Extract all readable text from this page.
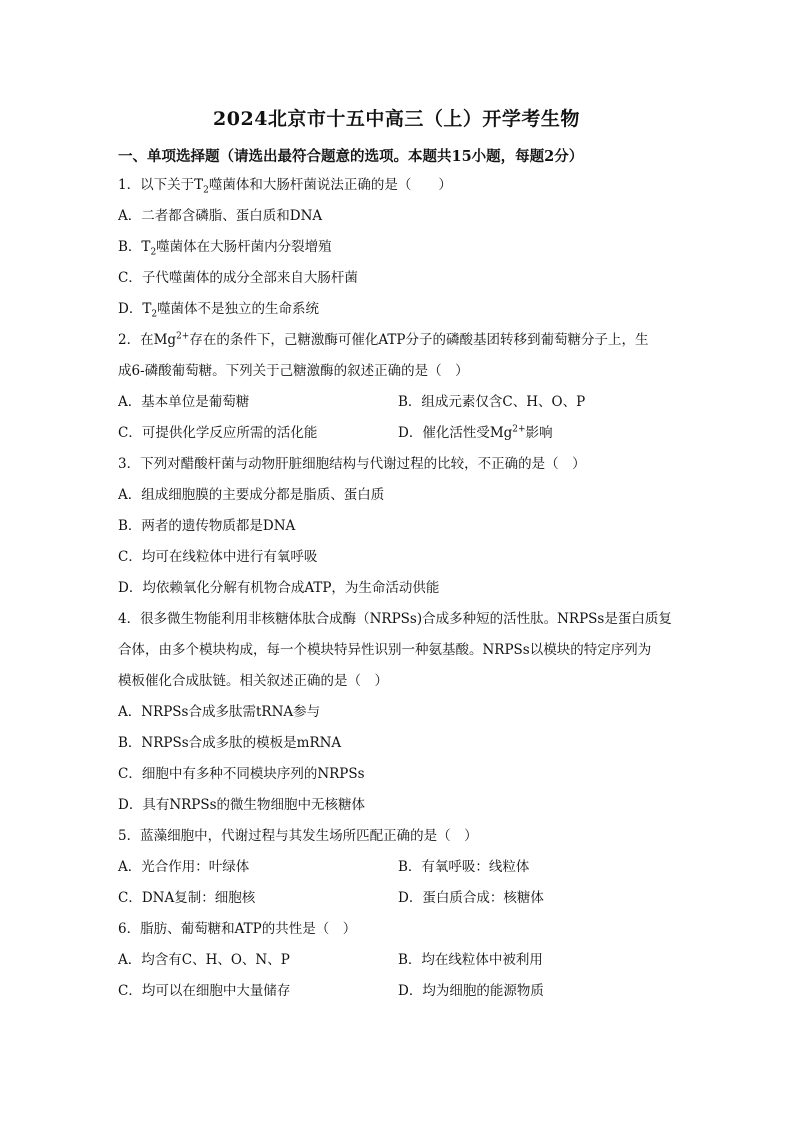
2024北京市十五中高三（上）开学考生物
一、单项选择题（请选出最符合题意的选项。本题共15小题，每题2分）
1．以下关于$T_2$噬菌体和大肠杆菌说法正确的是（　　）
A．二者都含磷脂、蛋白质和DNA
B．$T_2$噬菌体在大肠杆菌内分裂增殖
C．子代噬菌体的成分全部来自大肠杆菌
D．$T_2$噬菌体不是独立的生命系统
2．在$Mg^{2+}$存在的条件下，己糖激酶可催化ATP分子的磷酸基团转移到葡萄糖分子上，生
成6-磷酸葡萄糖。下列关于己糖激酶的叙述正确的是（　）
A．基本单位是葡萄糖	B．组成元素仅含C、H、O、P
C．可提供化学反应所需的活化能	D．催化活性受$Mg^{2+}$影响
3．下列对醋酸杆菌与动物肝脏细胞结构与代谢过程的比较，不正确的是（　）
A．组成细胞膜的主要成分都是脂质、蛋白质
B．两者的遗传物质都是DNA
C．均可在线粒体中进行有氧呼吸
D．均依赖氧化分解有机物合成ATP，为生命活动供能
4．很多微生物能利用非核糖体肽合成酶（NRPSs)合成多种短的活性肽。NRPSs是蛋白质复
合体，由多个模块构成，每一个模块特异性识别一种氨基酸。NRPSs以模块的特定序列为
模板催化合成肽链。相关叙述正确的是（　）
A．NRPSs合成多肽需tRNA参与
B．NRPSs合成多肽的模板是mRNA
C．细胞中有多种不同模块序列的NRPSs
D．具有NRPSs的微生物细胞中无核糖体
5．蓝藻细胞中，代谢过程与其发生场所匹配正确的是（　）
A．光合作用：叶绿体	B．有氧呼吸：线粒体
C．DNA复制：细胞核	D．蛋白质合成：核糖体
6．脂肪、葡萄糖和ATP的共性是（　）
A．均含有C、H、O、N、P	B．均在线粒体中被利用
C．均可以在细胞中大量储存	D．均为细胞的能源物质
